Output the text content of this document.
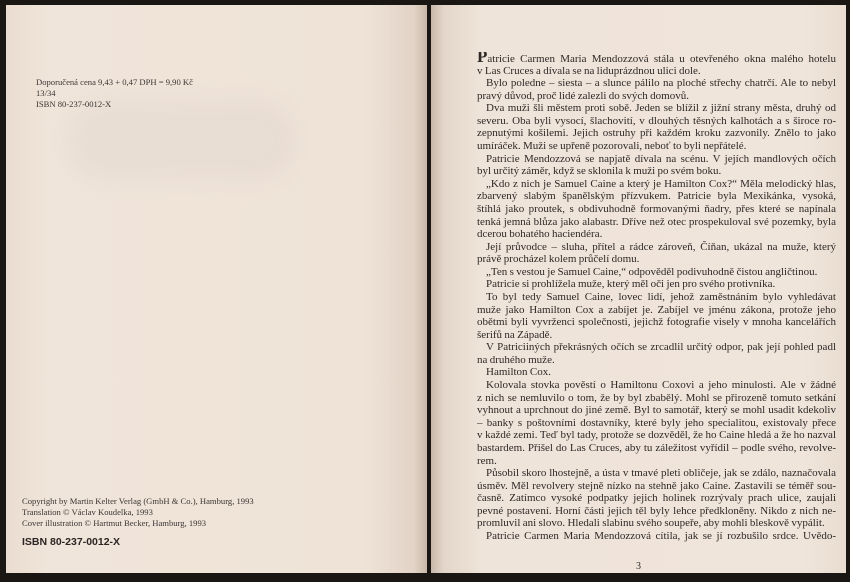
Doporučená cena 9,43 + 0,47 DPH = 9,90 Kč
13/34
ISBN 80-237-0012-X
Copyright by Martin Kelter Verlag (GmbH & Co.), Hamburg, 1993
Translation © Václav Koudelka, 1993
Cover illustration © Hartmut Becker, Hamburg, 1993
ISBN 80-237-0012-X
Patricie Carmen Maria Mendozzová stála u otevřeného okna malého hotelu
v Las Cruces a dívala se na liduprázdnou ulici dole.
Bylo poledne – siesta – a slunce pálilo na ploché střechy chatrčí. Ale to nebyl
pravý důvod, proč lidé zalezli do svých domovů.
Dva muži šli městem proti sobě. Jeden se blížil z jižní strany města, druhý od
severu. Oba byli vysocí, šlachovití, v dlouhých těsných kalhotách a s široce ro-
zepnutými košilemi. Jejich ostruhy při každém kroku zazvonily. Znělo to jako
umíráček. Muži se upřeně pozorovali, neboť to byli nepřátelé.
Patricie Mendozzová se napjatě dívala na scénu. V jejích mandlových očích
byl určitý záměr, když se sklonila k muži po svém boku.
„Kdo z nich je Samuel Caine a který je Hamilton Cox?“ Měla melodický hlas,
zbarvený slabým španělským přízvukem. Patricie byla Mexikánka, vysoká,
štíhlá jako proutek, s obdivuhodně formovanými ňadry, přes které se napínala
tenká jemná blůza jako alabastr. Dříve než otec prospekuloval své pozemky, byla
dcerou bohatého haciendéra.
Její průvodce – sluha, přítel a rádce zároveň, Číňan, ukázal na muže, který
právě procházel kolem průčelí domu.
„Ten s vestou je Samuel Caine,“ odpověděl podivuhodně čistou angličtinou.
Patricie si prohlížela muže, který měl oči jen pro svého protivníka.
To byl tedy Samuel Caine, lovec lidí, jehož zaměstnáním bylo vyhledávat
muže jako Hamilton Cox a zabíjet je. Zabíjel ve jménu zákona, protože jeho
obětmi byli vyvrženci společnosti, jejichž fotografie visely v mnoha kancelářích
šerifů na Západě.
V Patriciiných překrásných očích se zrcadlil určitý odpor, pak její pohled padl
na druhého muže.
Hamilton Cox.
Kolovala stovka pověstí o Hamiltonu Coxovi a jeho minulosti. Ale v žádné
z nich se nemluvilo o tom, že by byl zbabělý. Mohl se přirozeně tomuto setkání
vyhnout a uprchnout do jiné země. Byl to samotář, který se mohl usadit kdekoliv
– banky s poštovními dostavníky, které byly jeho specialitou, existovaly přece
v každé zemi. Teď byl tady, protože se dozvěděl, že ho Caine hledá a že ho nazval
bastardem. Přišel do Las Cruces, aby tu záležitost vyřídil – podle svého, revolve-
rem.
Působil skoro lhostejně, a ústa v tmavé pleti obličeje, jak se zdálo, naznačovala
úsměv. Měl revolvery stejně nízko na stehně jako Caine. Zastavili se téměř sou-
časně. Zatímco vysoké podpatky jejich holinek rozrývaly prach ulice, zaujali
pevné postavení. Horní části jejich těl byly lehce předkloněny. Nikdo z nich ne-
promluvil ani slovo. Hledali slabinu svého soupeře, aby mohli bleskově vypálit.
Patricie Carmen Maria Mendozzová cítila, jak se jí rozbušilo srdce. Uvědo-
3
